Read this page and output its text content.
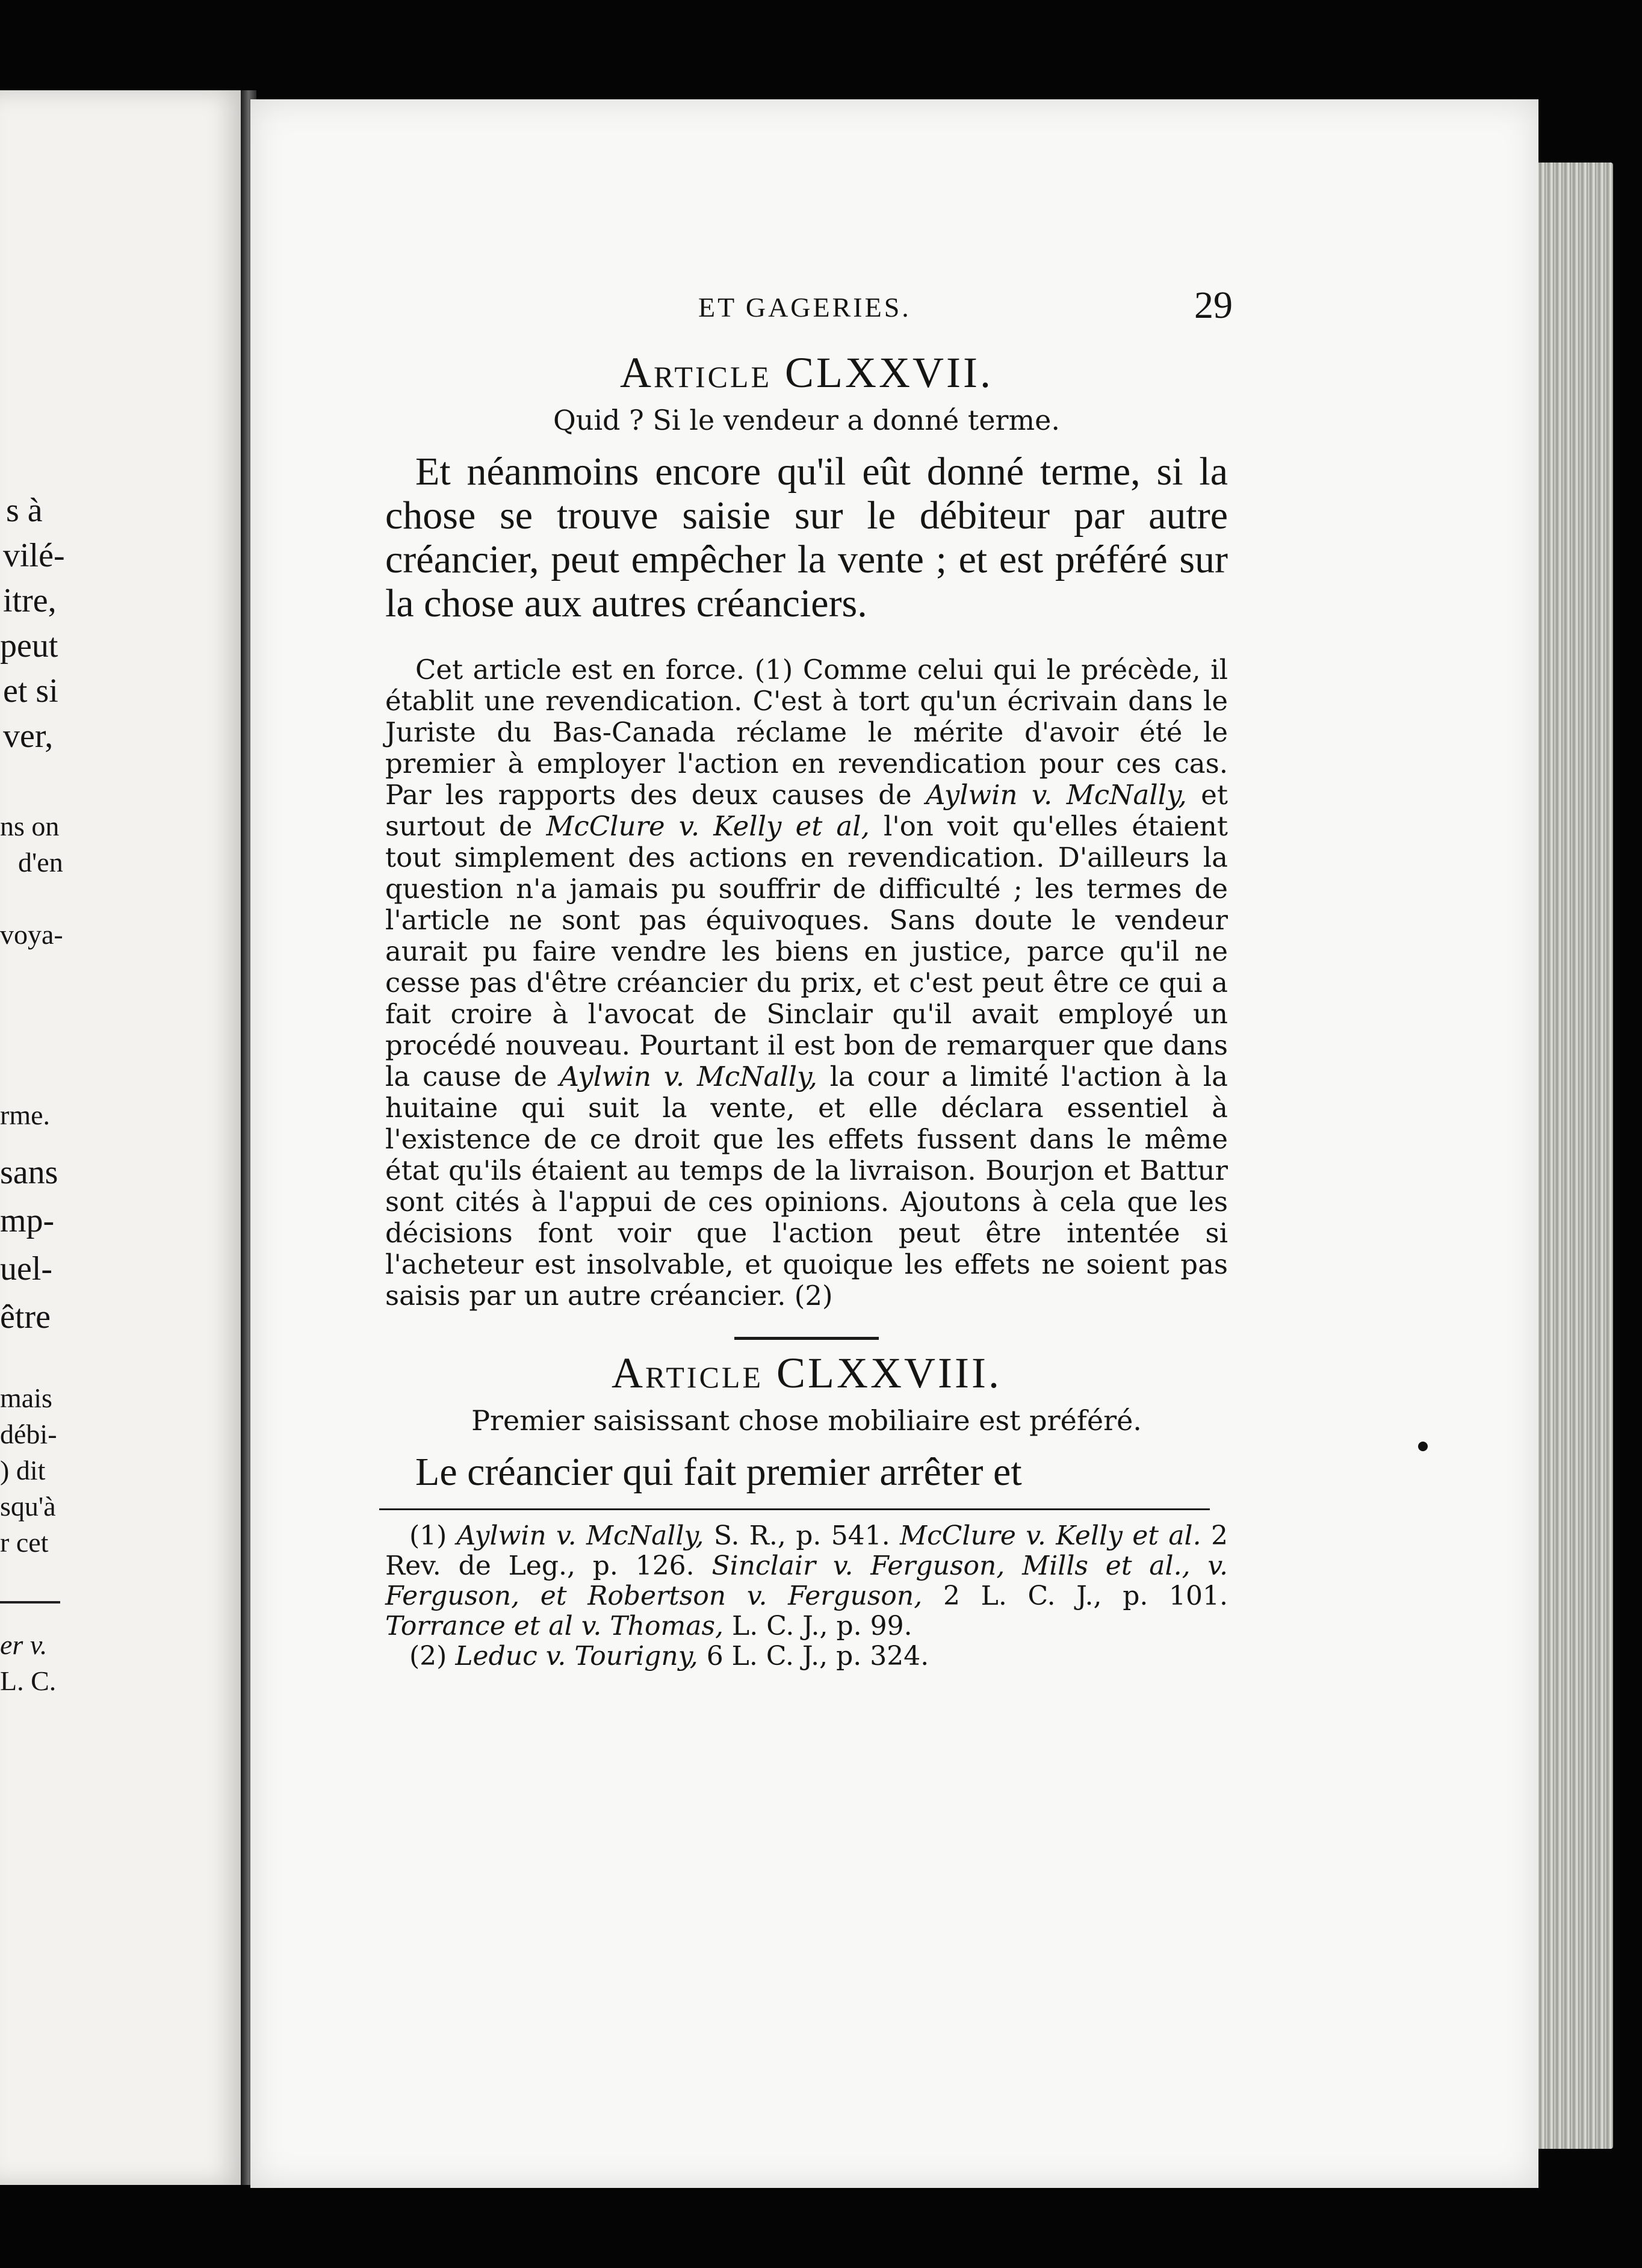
s à
vilé-
itre,
peut
et si
ver,
ns on
d'en
voya-
rme.
sans
mp-
uel-
être
mais
débi-
) dit
squ'à
r cet
er v.
L. C.
ET GAGERIES.	29
Article CLXXVII.

Quid ? Si le vendeur a donné terme.

Et néanmoins encore qu'il eût donné terme, si la chose se trouve saisie sur le débiteur par autre créancier, peut empêcher la vente ; et est préféré sur la chose aux autres créanciers.

Cet article est en force. (1) Comme celui qui le précède, il établit une revendication. C'est à tort qu'un écrivain dans le Juriste du Bas-Canada réclame le mérite d'avoir été le premier à employer l'action en revendication pour ces cas. Par les rapports des deux causes de Aylwin v. McNally, et surtout de McClure v. Kelly et al, l'on voit qu'elles étaient tout simplement des actions en revendication. D'ailleurs la question n'a jamais pu souffrir de difficulté ; les termes de l'article ne sont pas équivoques. Sans doute le vendeur aurait pu faire vendre les biens en justice, parce qu'il ne cesse pas d'être créancier du prix, et c'est peut être ce qui a fait croire à l'avocat de Sinclair qu'il avait employé un procédé nouveau. Pourtant il est bon de remarquer que dans la cause de Aylwin v. McNally, la cour a limité l'action à la huitaine qui suit la vente, et elle déclara essentiel à l'existence de ce droit que les effets fussent dans le même état qu'ils étaient au temps de la livraison. Bourjon et Battur sont cités à l'appui de ces opinions. Ajoutons à cela que les décisions font voir que l'action peut être intentée si l'acheteur est insolvable, et quoique les effets ne soient pas saisis par un autre créancier. (2)

Article CLXXVIII.

Premier saisissant chose mobiliaire est préféré.

Le créancier qui fait premier arrêter et

(1) Aylwin v. McNally, S. R., p. 541. McClure v. Kelly et al. 2 Rev. de Leg., p. 126. Sinclair v. Ferguson, Mills et al., v. Ferguson, et Robertson v. Ferguson, 2 L. C. J., p. 101. Torrance et al v. Thomas, L. C. J., p. 99.

(2) Leduc v. Tourigny, 6 L. C. J., p. 324.
